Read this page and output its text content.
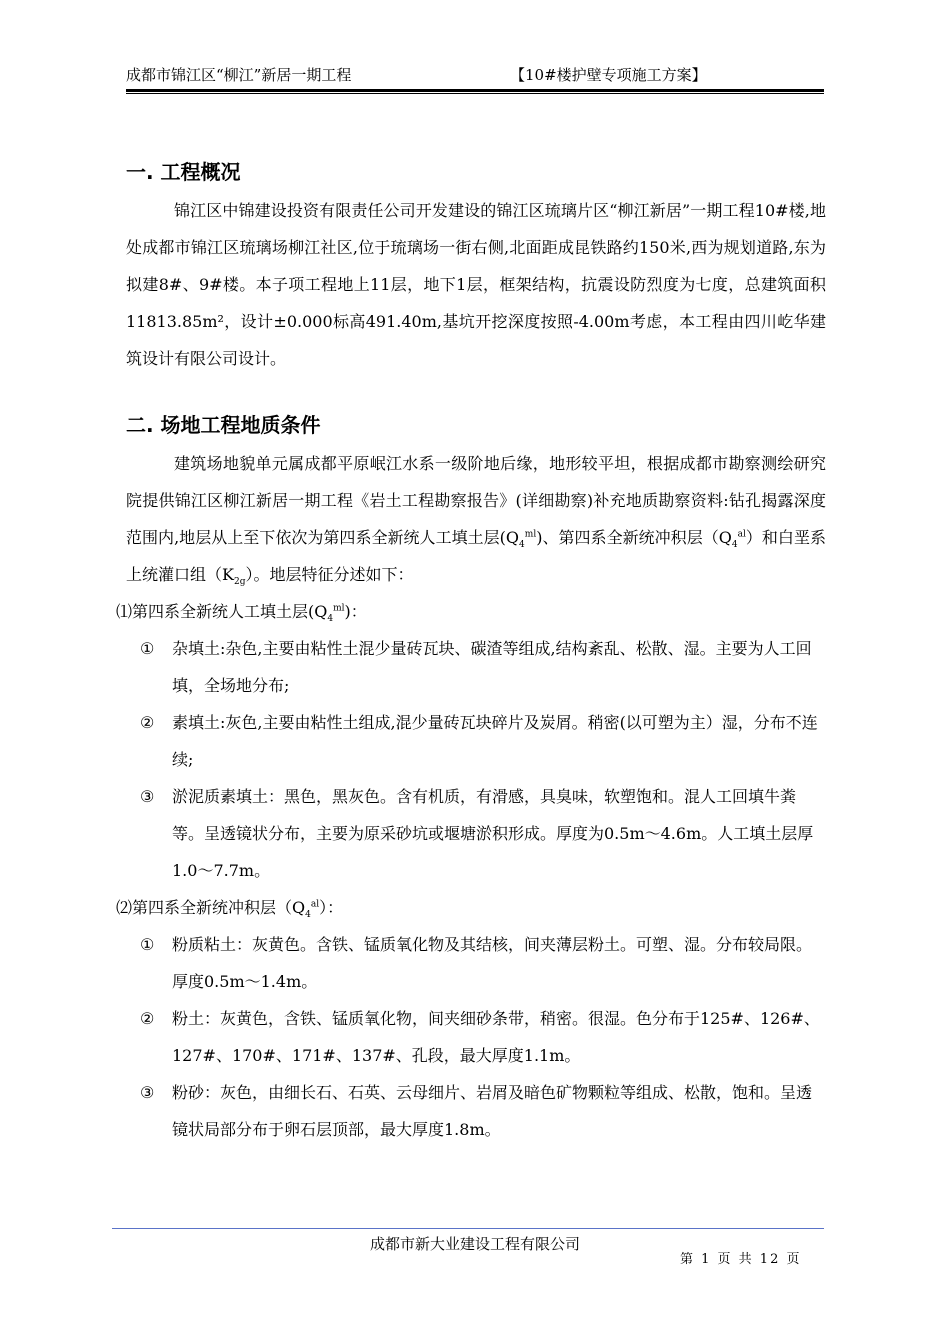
成都市锦江区“柳江”新居一期工程	【10#楼护壁专项施工方案】
一. 工程概况

锦江区中锦建设投资有限责任公司开发建设的锦江区琉璃片区“柳江新居”一期工程10#楼,地处成都市锦江区琉璃场柳江社区,位于琉璃场一街右侧,北面距成昆铁路约150米,西为规划道路,东为拟建8#、9#楼。本子项工程地上11层，地下1层，框架结构，抗震设防烈度为七度，总建筑面积11813.85m²，设计±0.000标高491.40m,基坑开挖深度按照-4.00m考虑，本工程由四川屹华建筑设计有限公司设计。

二. 场地工程地质条件

建筑场地貌单元属成都平原岷江水系一级阶地后缘，地形较平坦，根据成都市勘察测绘研究院提供锦江区柳江新居一期工程《岩土工程勘察报告》(详细勘察)补充地质勘察资料:钻孔揭露深度范围内,地层从上至下依次为第四系全新统人工填土层$(Q_4^{ml})$、第四系全新统冲积层$(Q_4^{al})$和白垩系上统灌口组$(K_{2g})$。地层特征分述如下：

⑴第四系全新统人工填土层$(Q_4^{ml})$：
① 杂填土:杂色,主要由粘性土混少量砖瓦块、碳渣等组成,结构紊乱、松散、湿。主要为人工回填，全场地分布;
② 素填土:灰色,主要由粘性土组成,混少量砖瓦块碎片及炭屑。稍密(以可塑为主）湿，分布不连续;
③ 淤泥质素填土：黑色，黑灰色。含有机质，有滑感，具臭味，软塑饱和。混人工回填牛粪等。呈透镜状分布，主要为原采砂坑或堰塘淤积形成。厚度为0.5m～4.6m。人工填土层厚1.0～7.7m。
⑵第四系全新统冲积层$(Q_4^{al})$：
① 粉质粘土：灰黄色。含铁、锰质氧化物及其结核，间夹薄层粉土。可塑、湿。分布较局限。厚度0.5m～1.4m。
② 粉土：灰黄色，含铁、锰质氧化物，间夹细砂条带，稍密。很湿。色分布于125#、126#、127#、170#、171#、137#、孔段，最大厚度1.1m。
③ 粉砂：灰色，由细长石、石英、云母细片、岩屑及暗色矿物颗粒等组成、松散，饱和。呈透镜状局部分布于卵石层顶部，最大厚度1.8m。
成都市新大业建设工程有限公司
第 1 页 共 12 页
